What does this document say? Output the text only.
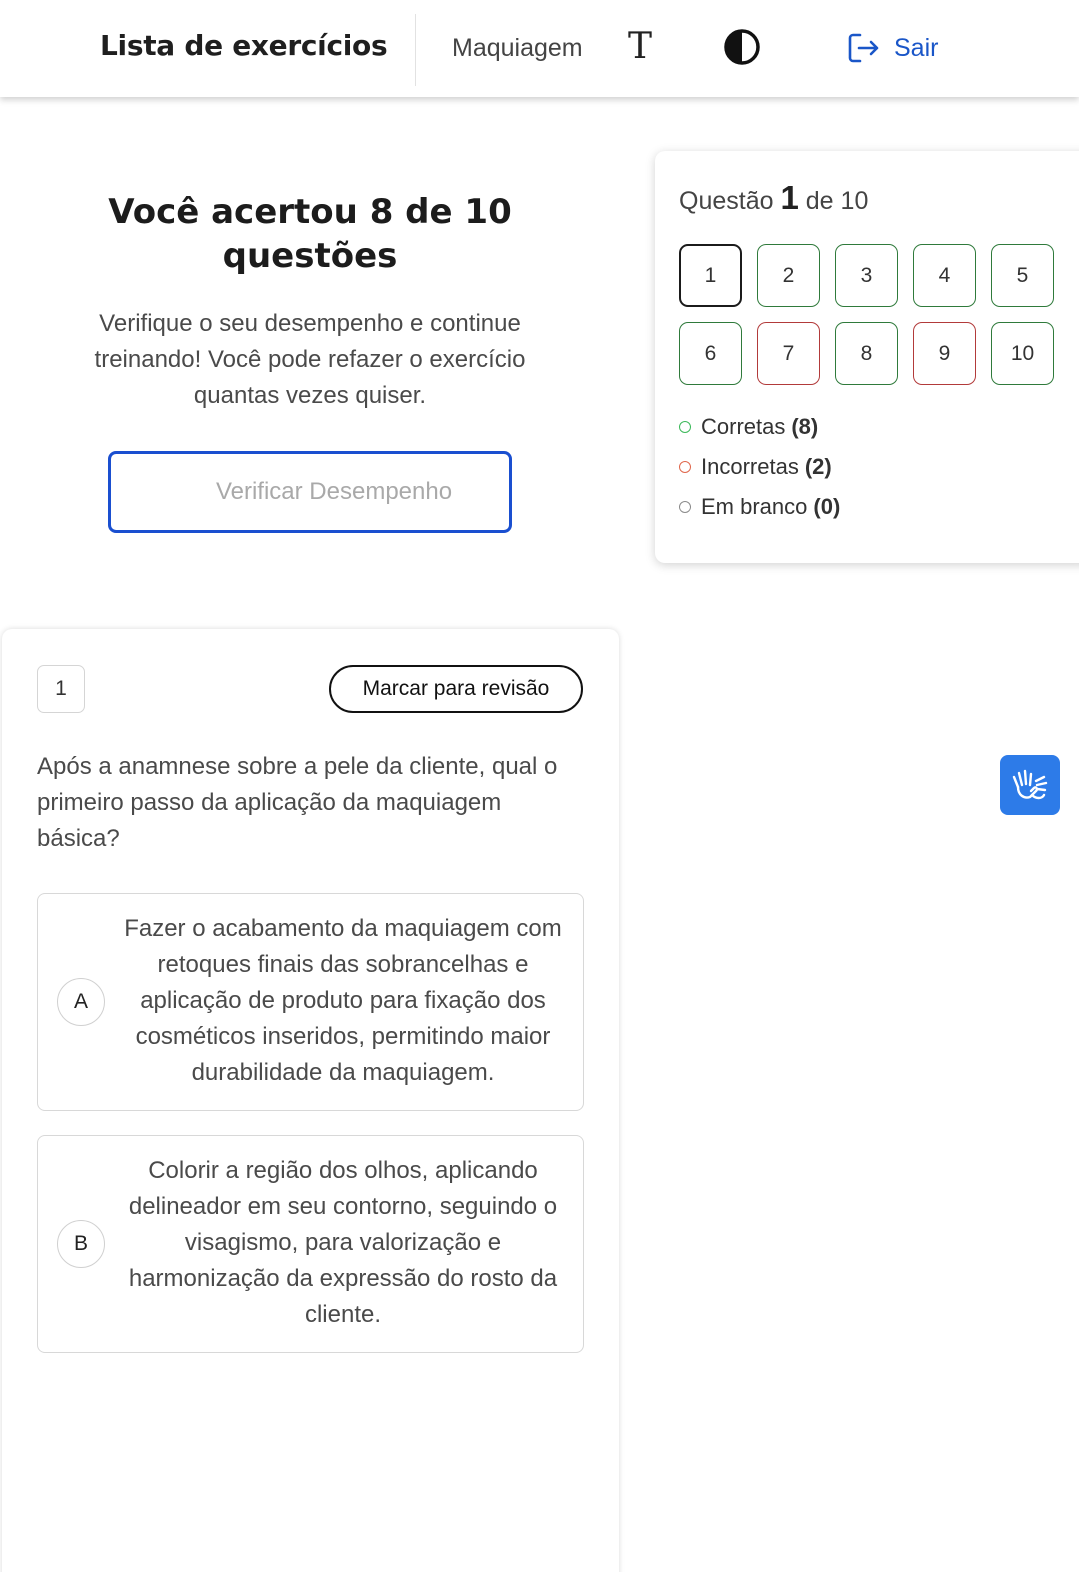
Lista de exercícios	Maquiagem T	Sair
Você acertou 8 de 10 questões
Verifique o seu desempenho e continue treinando! Você pode refazer o exercício quantas vezes quiser.
Verificar Desempenho
Questão 1 de 10
1	2	3	4	5
6	7	8	9	10
Corretas (8)
Incorretas (2)
Em branco (0)
1	Marcar para revisão
Após a anamnese sobre a pele da cliente, qual o primeiro passo da aplicação da maquiagem básica?
A
Fazer o acabamento da maquiagem com retoques finais das sobrancelhas e aplicação de produto para fixação dos cosméticos inseridos, permitindo maior durabilidade da maquiagem.
B
Colorir a região dos olhos, aplicando delineador em seu contorno, seguindo o visagismo, para valorização e harmonização da expressão do rosto da cliente.
